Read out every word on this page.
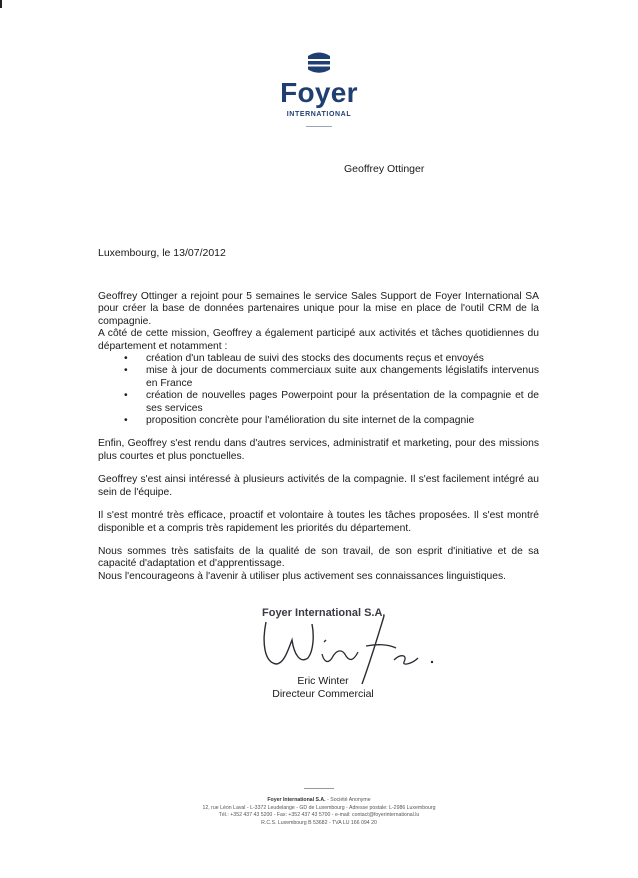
Foyer
INTERNATIONAL
Geoffrey Ottinger
Luxembourg, le 13/07/2012

Geoffrey Ottinger a rejoint pour 5 semaines le service Sales Support de Foyer International SA pour créer la base de données partenaires unique pour la mise en place de l'outil CRM de la compagnie.

A côté de cette mission, Geoffrey a également participé aux activités et tâches quotidiennes du département et notamment :

• création d'un tableau de suivi des stocks des documents reçus et envoyés
• mise à jour de documents commerciaux suite aux changements législatifs intervenus en France
• création de nouvelles pages Powerpoint pour la présentation de la compagnie et de ses services
• proposition concrète pour l'amélioration du site internet de la compagnie

Enfin, Geoffrey s'est rendu dans d'autres services, administratif et marketing, pour des missions plus courtes et plus ponctuelles.

Geoffrey s'est ainsi intéressé à plusieurs activités de la compagnie. Il s'est facilement intégré au sein de l'équipe.

Il s'est montré très efficace, proactif et volontaire à toutes les tâches proposées. Il s'est montré disponible et a compris très rapidement les priorités du département.

Nous sommes très satisfaits de la qualité de son travail, de son esprit d'initiative et de sa capacité d'adaptation et d'apprentissage.

Nous l'encourageons à l'avenir à utiliser plus activement ses connaissances linguistiques.

Foyer International S.A.
Eric Winter
Directeur Commercial
Foyer International S.A. - Société Anonyme
12, rue Léon Laval - L-3372 Leudelange - GD de Luxembourg - Adresse postale: L-2986 Luxembourg
Tél.: +352 437 43 5200 - Fax: +352 437 43 5700 - e-mail: contact@foyerinternational.lu
R.C.S. Luxembourg B 53682 - TVA LU 166 094 20
